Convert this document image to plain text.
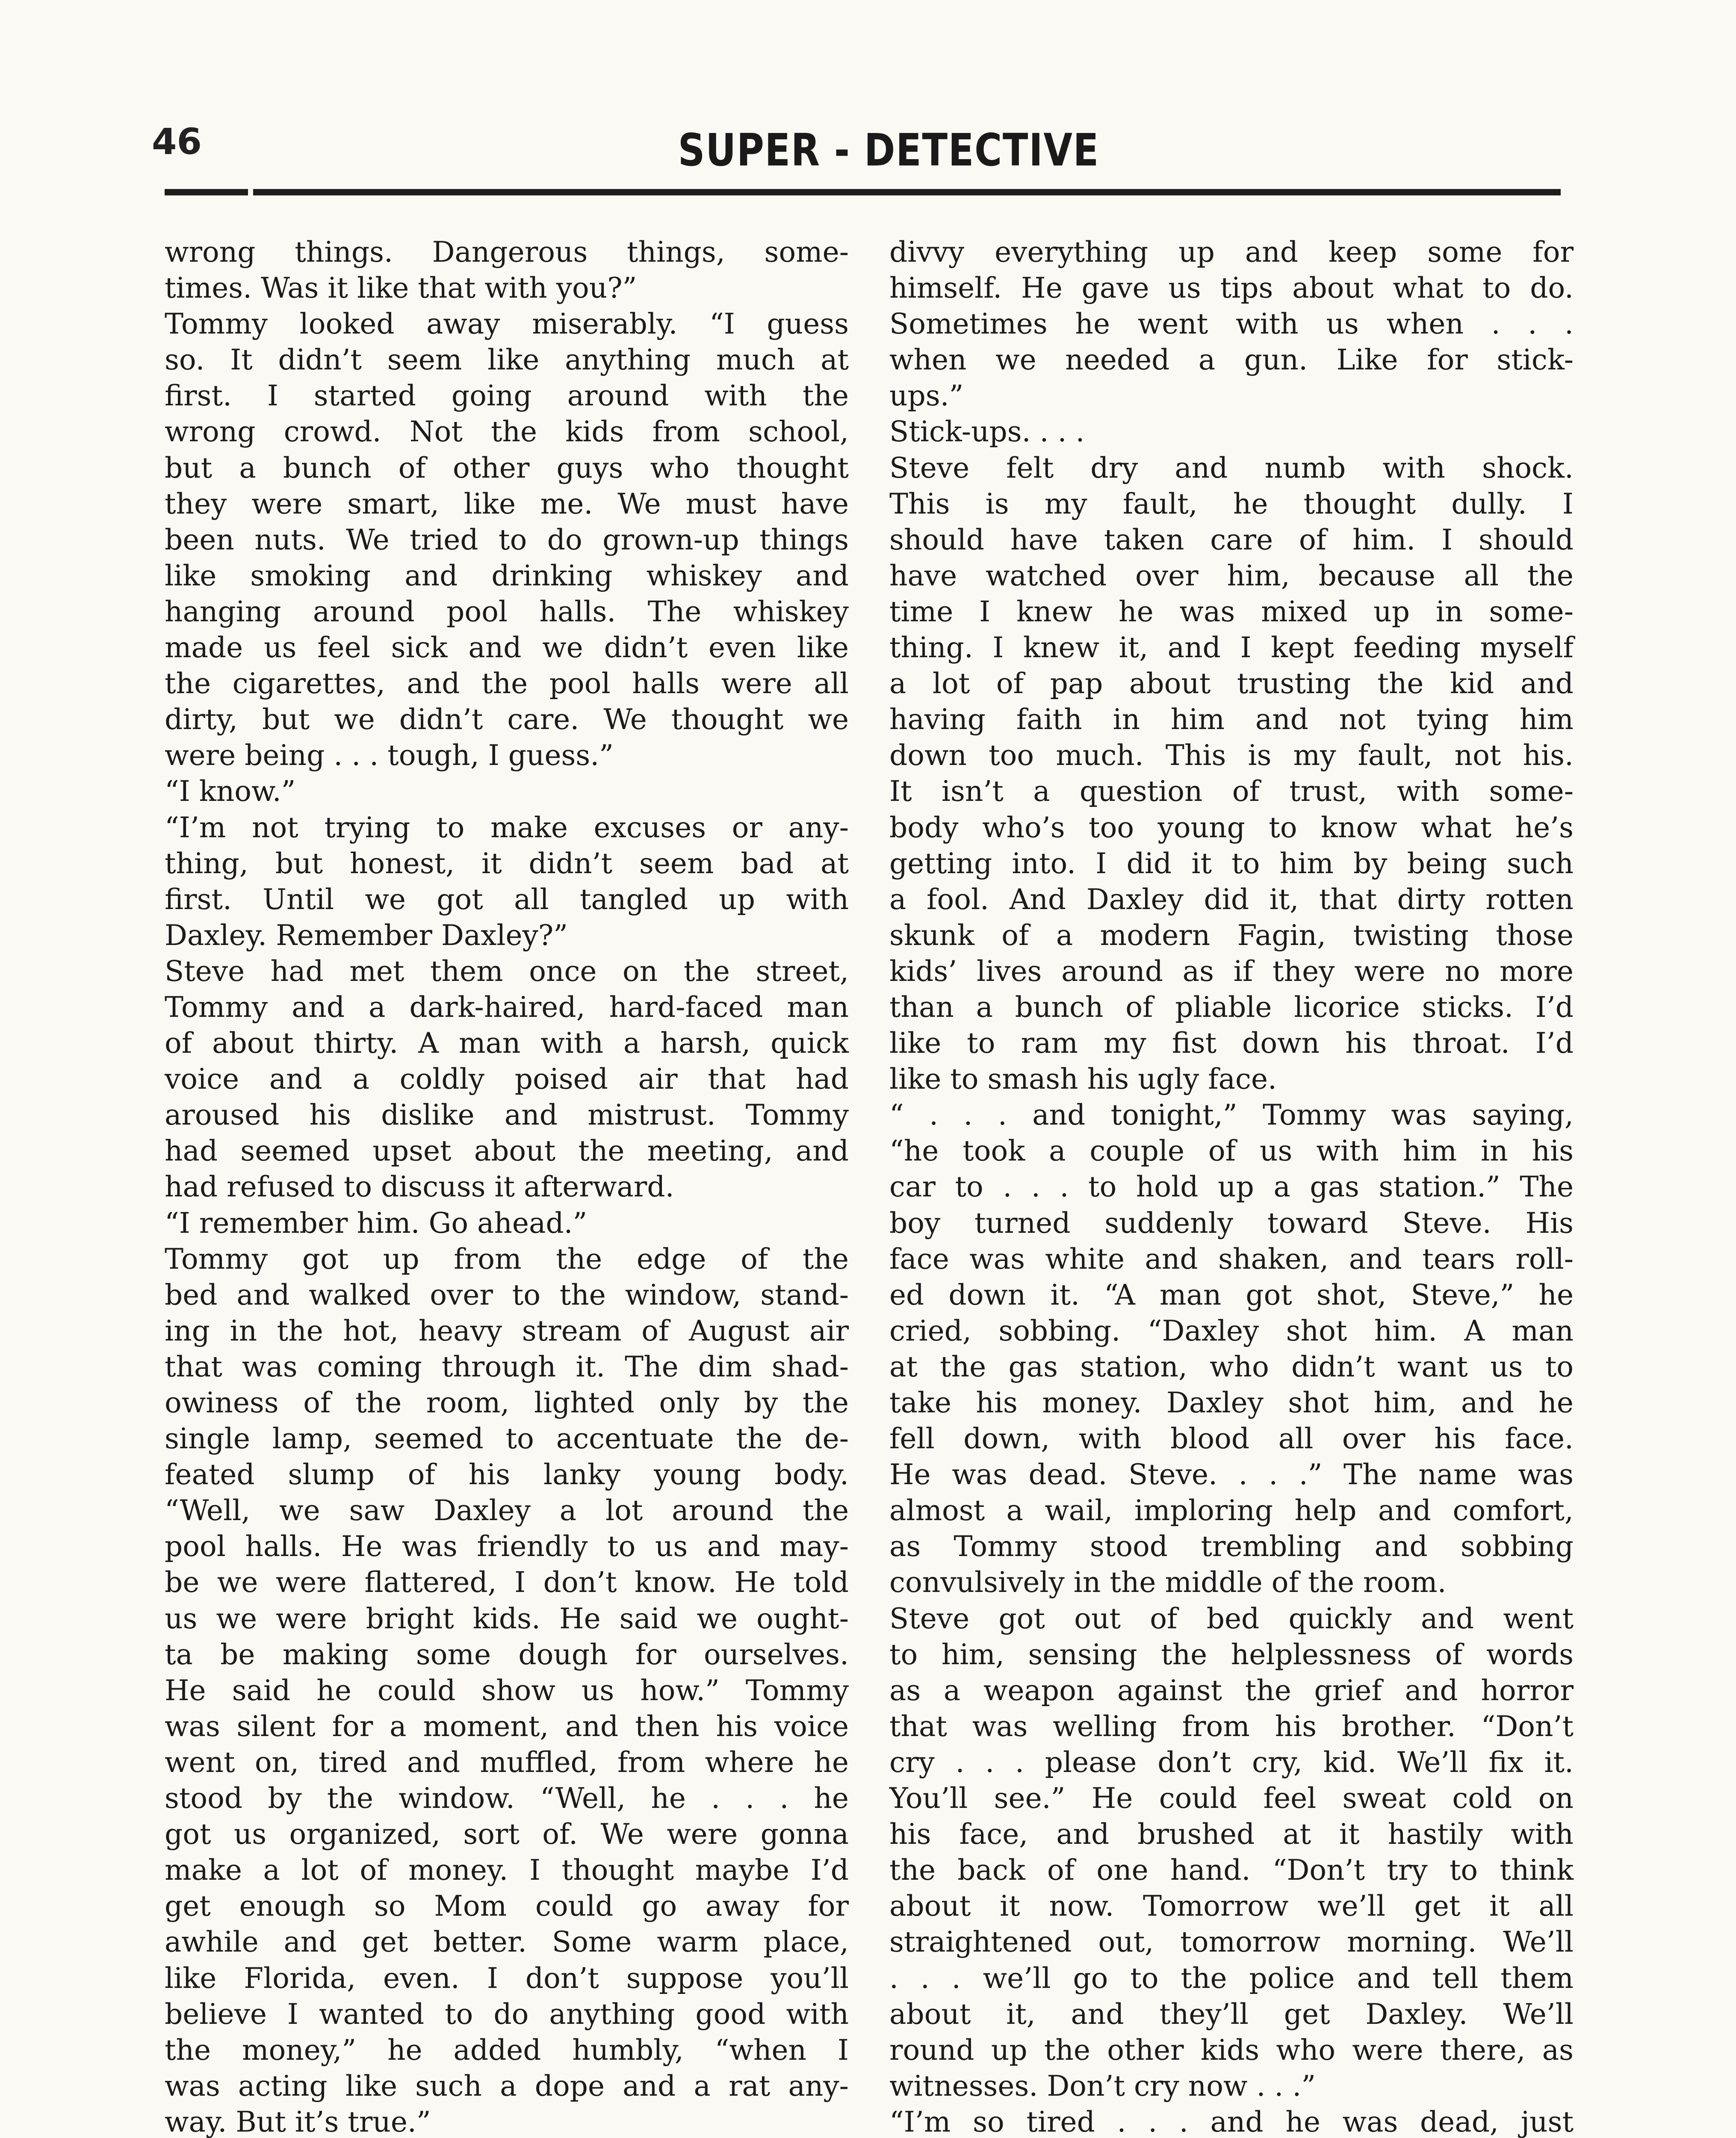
46	SUPER - DETECTIVE
wrong things. Dangerous things, some-
times. Was it like that with you?”
Tommy looked away miserably. “I guess
so. It didn’t seem like anything much at
first. I started going around with the
wrong crowd. Not the kids from school,
but a bunch of other guys who thought
they were smart, like me. We must have
been nuts. We tried to do grown-up things
like smoking and drinking whiskey and
hanging around pool halls. The whiskey
made us feel sick and we didn’t even like
the cigarettes, and the pool halls were all
dirty, but we didn’t care. We thought we
were being . . . tough, I guess.”
“I know.”
“I’m not trying to make excuses or any-
thing, but honest, it didn’t seem bad at
first. Until we got all tangled up with
Daxley. Remember Daxley?”
Steve had met them once on the street,
Tommy and a dark-haired, hard-faced man
of about thirty. A man with a harsh, quick
voice and a coldly poised air that had
aroused his dislike and mistrust. Tommy
had seemed upset about the meeting, and
had refused to discuss it afterward.
“I remember him. Go ahead.”
Tommy got up from the edge of the
bed and walked over to the window, stand-
ing in the hot, heavy stream of August air
that was coming through it. The dim shad-
owiness of the room, lighted only by the
single lamp, seemed to accentuate the de-
feated slump of his lanky young body.
“Well, we saw Daxley a lot around the
pool halls. He was friendly to us and may-
be we were flattered, I don’t know. He told
us we were bright kids. He said we ought-
ta be making some dough for ourselves.
He said he could show us how.” Tommy
was silent for a moment, and then his voice
went on, tired and muffled, from where he
stood by the window. “Well, he . . . he
got us organized, sort of. We were gonna
make a lot of money. I thought maybe I’d
get enough so Mom could go away for
awhile and get better. Some warm place,
like Florida, even. I don’t suppose you’ll
believe I wanted to do anything good with
the money,” he added humbly, “when I
was acting like such a dope and a rat any-
way. But it’s true.”
divvy everything up and keep some for
himself. He gave us tips about what to do.
Sometimes he went with us when . . .
when we needed a gun. Like for stick-
ups.”
Stick-ups. . . .
Steve felt dry and numb with shock.
This is my fault, he thought dully. I
should have taken care of him. I should
have watched over him, because all the
time I knew he was mixed up in some-
thing. I knew it, and I kept feeding myself
a lot of pap about trusting the kid and
having faith in him and not tying him
down too much. This is my fault, not his.
It isn’t a question of trust, with some-
body who’s too young to know what he’s
getting into. I did it to him by being such
a fool. And Daxley did it, that dirty rotten
skunk of a modern Fagin, twisting those
kids’ lives around as if they were no more
than a bunch of pliable licorice sticks. I’d
like to ram my fist down his throat. I’d
like to smash his ugly face.
“ . . . and tonight,” Tommy was saying,
“he took a couple of us with him in his
car to . . . to hold up a gas station.” The
boy turned suddenly toward Steve. His
face was white and shaken, and tears roll-
ed down it. “A man got shot, Steve,” he
cried, sobbing. “Daxley shot him. A man
at the gas station, who didn’t want us to
take his money. Daxley shot him, and he
fell down, with blood all over his face.
He was dead. Steve. . . .” The name was
almost a wail, imploring help and comfort,
as Tommy stood trembling and sobbing
convulsively in the middle of the room.
Steve got out of bed quickly and went
to him, sensing the helplessness of words
as a weapon against the grief and horror
that was welling from his brother. “Don’t
cry . . . please don’t cry, kid. We’ll fix it.
You’ll see.” He could feel sweat cold on
his face, and brushed at it hastily with
the back of one hand. “Don’t try to think
about it now. Tomorrow we’ll get it all
straightened out, tomorrow morning. We’ll
. . . we’ll go to the police and tell them
about it, and they’ll get Daxley. We’ll
round up the other kids who were there, as
witnesses. Don’t cry now . . .”
“I’m so tired . . . and he was dead, just
